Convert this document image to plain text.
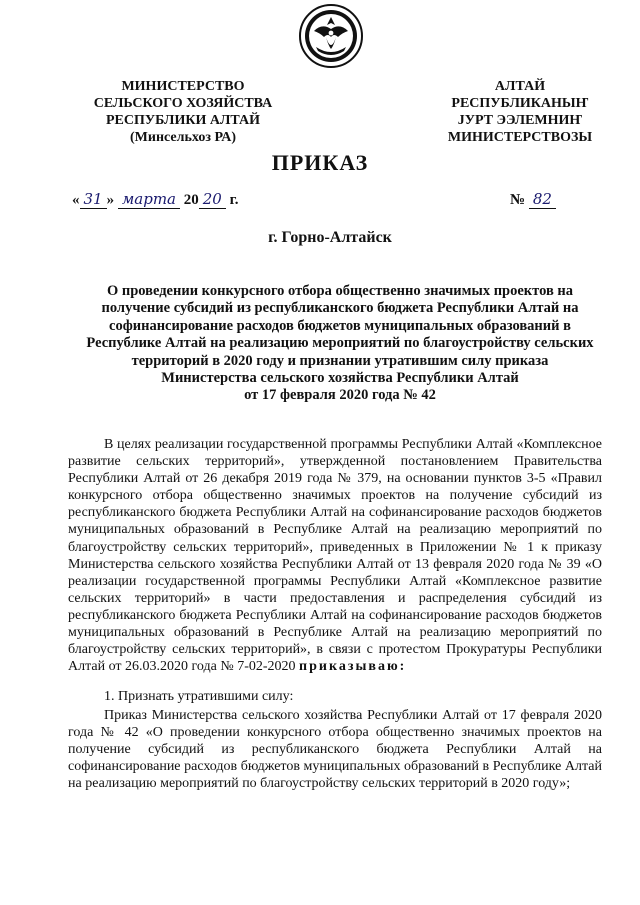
МИНИСТЕРСТВО
СЕЛЬСКОГО ХОЗЯЙСТВА
РЕСПУБЛИКИ АЛТАЙ
(Минсельхоз РА)
АЛТАЙ
РЕСПУБЛИКАНЫҤ
ЈУРТ ЭЭЛЕМНИҤ
МИНИСТЕРСТВОЗЫ
ПРИКАЗ
« 31 » марта 20 20 г.	№ 82
г. Горно-Алтайск
О проведении конкурсного отбора общественно значимых проектов на
получение субсидий из республиканского бюджета Республики Алтай на
софинансирование расходов бюджетов муниципальных образований в
Республике Алтай на реализацию мероприятий по благоустройству сельских
территорий в 2020 году и признании утратившим силу приказа
Министерства сельского хозяйства Республики Алтай
от 17 февраля 2020 года № 42

В целях реализации государственной программы Республики Алтай «Комплексное развитие сельских территорий», утвержденной постановлением Правительства Республики Алтай от 26 декабря 2019 года № 379, на основании пунктов 3-5 «Правил конкурсного отбора общественно значимых проектов на получение субсидий из республиканского бюджета Республики Алтай на софинансирование расходов бюджетов муниципальных образований в Республике Алтай на реализацию мероприятий по благоустройству сельских территорий», приведенных в Приложении № 1 к приказу Министерства сельского хозяйства Республики Алтай от 13 февраля 2020 года № 39 «О реализации государственной программы Республики Алтай «Комплексное развитие сельских территорий» в части предоставления и распределения субсидий из республиканского бюджета Республики Алтай на софинансирование расходов бюджетов муниципальных образований в Республике Алтай на реализацию мероприятий по благоустройству сельских территорий», в связи с протестом Прокуратуры Республики Алтай от 26.03.2020 года № 7-02-2020 приказываю:

1. Признать утратившими силу:

Приказ Министерства сельского хозяйства Республики Алтай от 17 февраля 2020 года № 42 «О проведении конкурсного отбора общественно значимых проектов на получение субсидий из республиканского бюджета Республики Алтай на софинансирование расходов бюджетов муниципальных образований в Республике Алтай на реализацию мероприятий по благоустройству сельских территорий в 2020 году»;
